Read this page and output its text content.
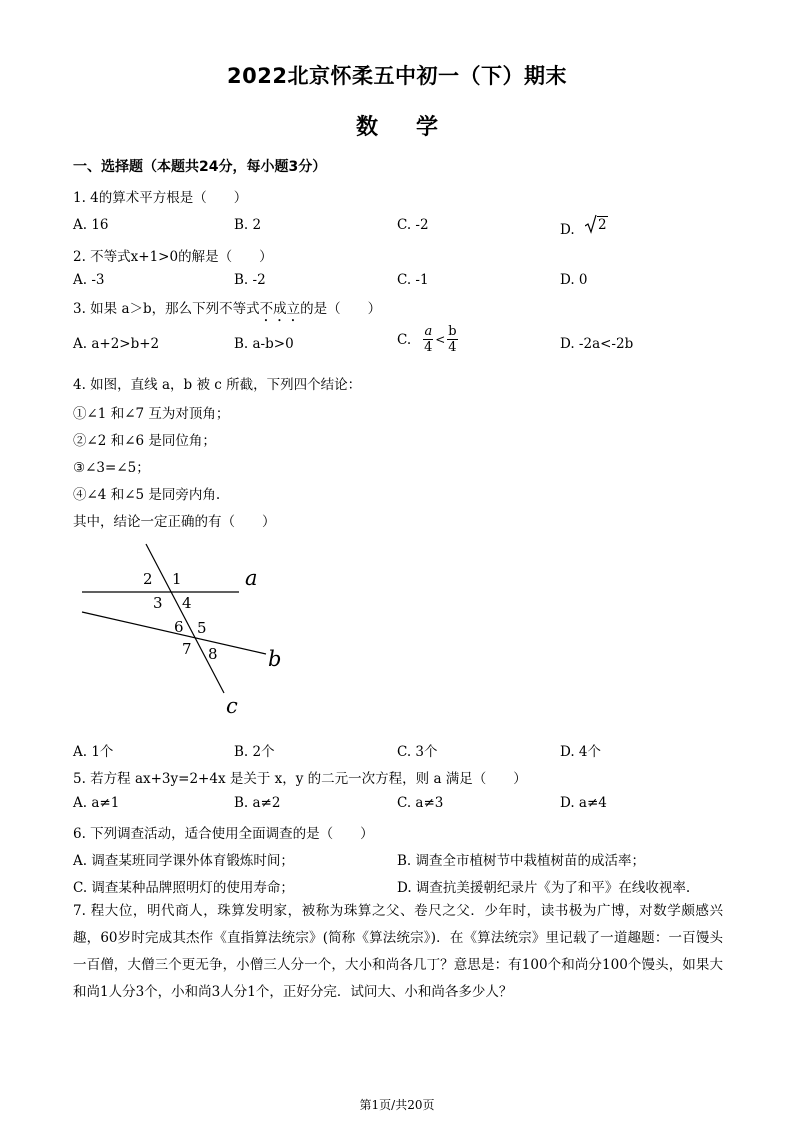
2022北京怀柔五中初一（下）期末
数学
一、选择题（本题共24分，每小题3分）
1. 4的算术平方根是（　　）
A. 16	B. 2	C. -2	D. 2
2. 不等式x+1>0的解是（　　）
A. -3	B. -2	C. -1	D. 0
3. 如果 a＞b，那么下列不等式不成立的是（　　）
A. a+2>b+2	B. a-b>0	C. $\frac{a}{4} < \frac{b}{4}$	D. -2a<-2b
4. 如图，直线 a，b 被 c 所截，下列四个结论：
①∠1 和∠7 互为对顶角；
②∠2 和∠6 是同位角；
③∠3=∠5；
④∠4 和∠5 是同旁内角.
其中，结论一定正确的有（　　）
2 1
3 4
6 5
7 8
a
b
c
A. 1个	B. 2个	C. 3个	D. 4个
5. 若方程 ax+3y=2+4x 是关于 x，y 的二元一次方程，则 a 满足（　　）
A. a≠1	B. a≠2	C. a≠3	D. a≠4
6. 下列调查活动，适合使用全面调查的是（　　）
A. 调查某班同学课外体育锻炼时间；	B. 调查全市植树节中栽植树苗的成活率；
C. 调查某种品牌照明灯的使用寿命；	D. 调查抗美援朝纪录片《为了和平》在线收视率.
7. 程大位，明代商人，珠算发明家，被称为珠算之父、卷尺之父．少年时，读书极为广博，对数学颇感兴趣，60岁时完成其杰作《直指算法统宗》(简称《算法统宗》)．在《算法统宗》里记载了一道趣题：一百馒头一百僧，大僧三个更无争，小僧三人分一个，大小和尚各几丁？意思是：有100个和尚分100个馒头，如果大和尚1人分3个，小和尚3人分1个，正好分完．试问大、小和尚各多少人？
第1页/共20页
